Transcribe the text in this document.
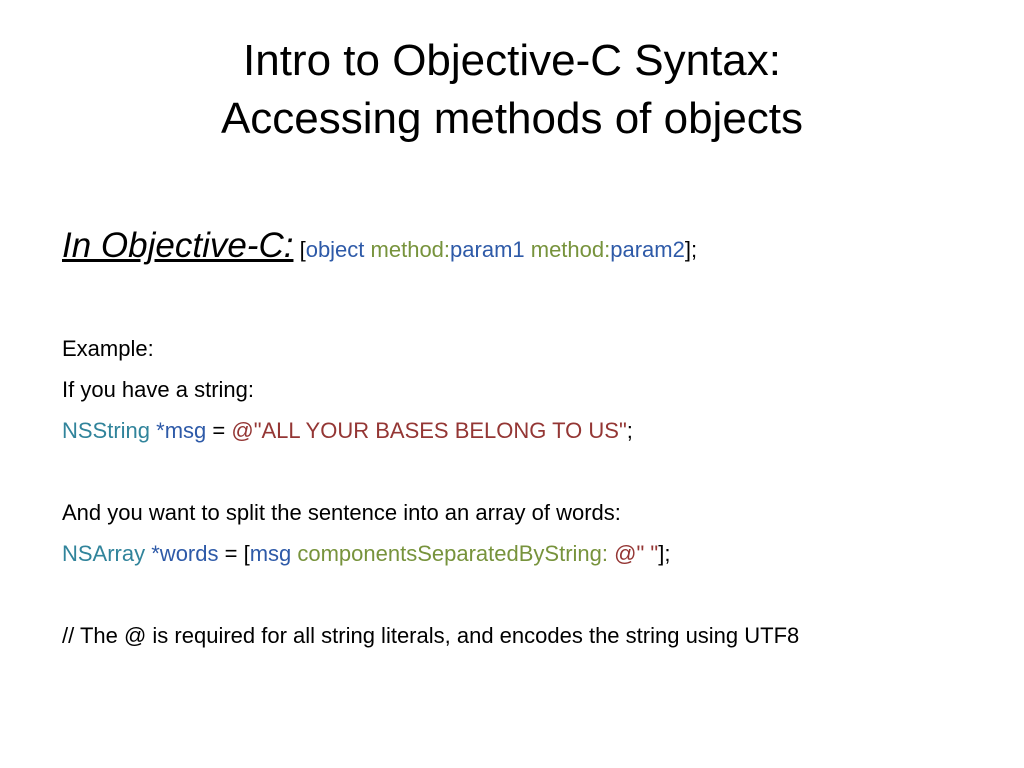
Intro to Objective-C Syntax:
Accessing methods of objects
In Objective-C: [object method:param1 method:param2];
Example:
If you have a string:
NSString *msg = @"ALL YOUR BASES BELONG TO US";
And you want to split the sentence into an array of words:
NSArray *words = [msg componentsSeparatedByString: @" "];
// The @ is required for all string literals, and encodes the string using UTF8
